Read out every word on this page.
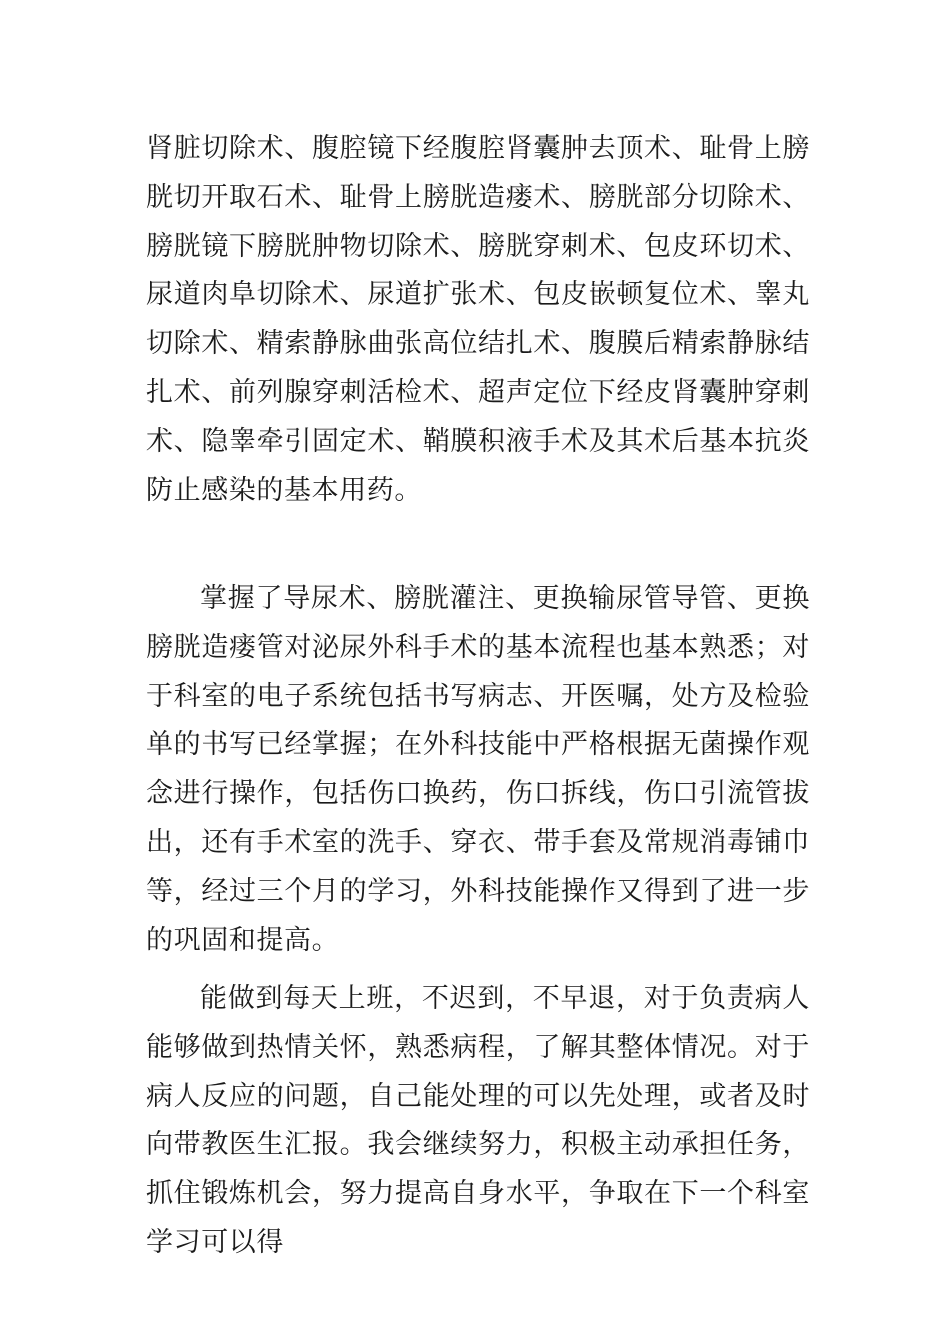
肾脏切除术、腹腔镜下经腹腔肾囊肿去顶术、耻骨上膀胱切开取石术、耻骨上膀胱造瘘术、膀胱部分切除术、膀胱镜下膀胱肿物切除术、膀胱穿刺术、包皮环切术、尿道肉阜切除术、尿道扩张术、包皮嵌顿复位术、睾丸切除术、精索静脉曲张高位结扎术、腹膜后精索静脉结扎术、前列腺穿刺活检术、超声定位下经皮肾囊肿穿刺术、隐睾牵引固定术、鞘膜积液手术及其术后基本抗炎防止感染的基本用药。

掌握了导尿术、膀胱灌注、更换输尿管导管、更换膀胱造瘘管对泌尿外科手术的基本流程也基本熟悉；对于科室的电子系统包括书写病志、开医嘱，处方及检验单的书写已经掌握；在外科技能中严格根据无菌操作观念进行操作，包括伤口换药，伤口拆线，伤口引流管拔出，还有手术室的洗手、穿衣、带手套及常规消毒铺巾等，经过三个月的学习，外科技能操作又得到了进一步的巩固和提高。

能做到每天上班，不迟到，不早退，对于负责病人能够做到热情关怀，熟悉病程，了解其整体情况。对于病人反应的问题，自己能处理的可以先处理，或者及时向带教医生汇报。我会继续努力，积极主动承担任务，抓住锻炼机会，努力提高自身水平，争取在下一个科室学习可以得
